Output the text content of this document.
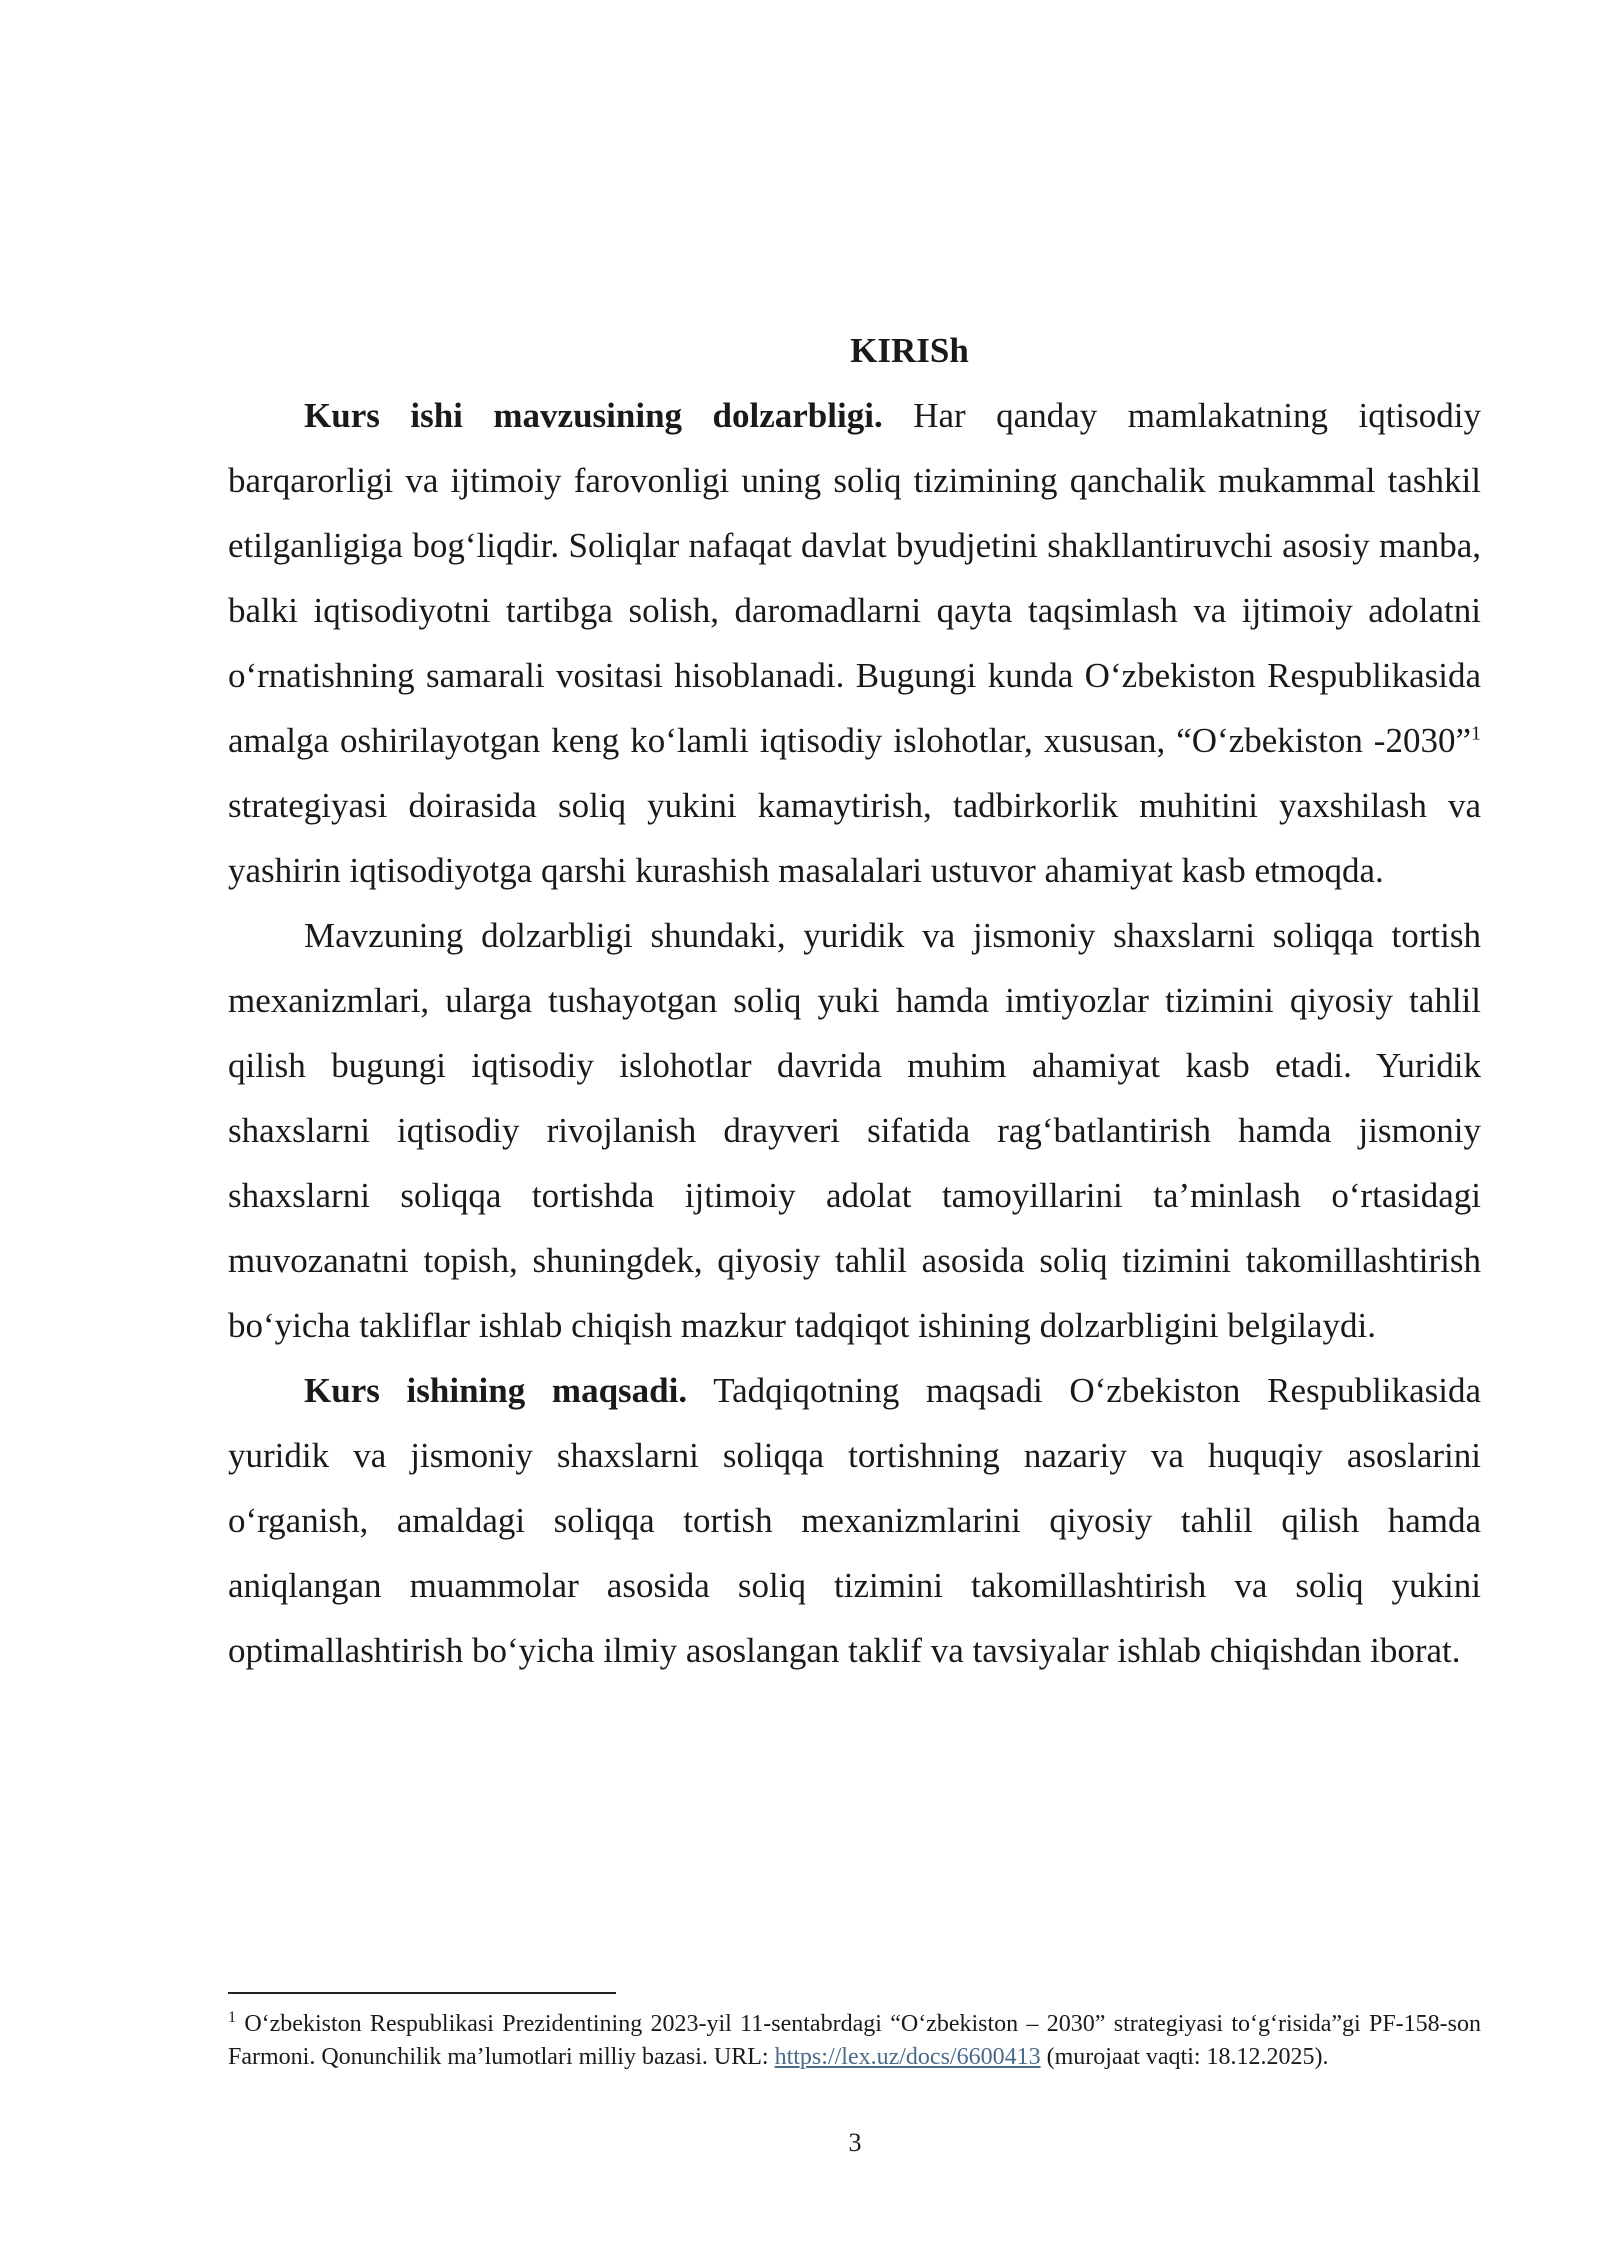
KIRISh

Kurs ishi mavzusining dolzarbligi. Har qanday mamlakatning iqtisodiy barqarorligi va ijtimoiy farovonligi uning soliq tizimining qanchalik mukammal tashkil etilganligiga bog‘liqdir. Soliqlar nafaqat davlat byudjetini shakllantiruvchi asosiy manba, balki iqtisodiyotni tartibga solish, daromadlarni qayta taqsimlash va ijtimoiy adolatni o‘rnatishning samarali vositasi hisoblanadi. Bugungi kunda O‘zbekiston Respublikasida amalga oshirilayotgan keng ko‘lamli iqtisodiy islohotlar, xususan, “O‘zbekiston -2030”$^1$ strategiyasi doirasida soliq yukini kamaytirish, tadbirkorlik muhitini yaxshilash va yashirin iqtisodiyotga qarshi kurashish masalalari ustuvor ahamiyat kasb etmoqda.

Mavzuning dolzarbligi shundaki, yuridik va jismoniy shaxslarni soliqqa tortish mexanizmlari, ularga tushayotgan soliq yuki hamda imtiyozlar tizimini qiyosiy tahlil qilish bugungi iqtisodiy islohotlar davrida muhim ahamiyat kasb etadi. Yuridik shaxslarni iqtisodiy rivojlanish drayveri sifatida rag‘batlantirish hamda jismoniy shaxslarni soliqqa tortishda ijtimoiy adolat tamoyillarini ta’minlash o‘rtasidagi muvozanatni topish, shuningdek, qiyosiy tahlil asosida soliq tizimini takomillashtirish bo‘yicha takliflar ishlab chiqish mazkur tadqiqot ishining dolzarbligini belgilaydi.

Kurs ishining maqsadi. Tadqiqotning maqsadi O‘zbekiston Respublikasida yuridik va jismoniy shaxslarni soliqqa tortishning nazariy va huquqiy asoslarini o‘rganish, amaldagi soliqqa tortish mexanizmlarini qiyosiy tahlil qilish hamda aniqlangan muammolar asosida soliq tizimini takomillashtirish va soliq yukini optimallashtirish bo‘yicha ilmiy asoslangan taklif va tavsiyalar ishlab chiqishdan iborat.

$^1$ O‘zbekiston Respublikasi Prezidentining 2023-yil 11-sentabrdagi “O‘zbekiston – 2030” strategiyasi to‘g‘risida”gi PF-158-son Farmoni. Qonunchilik ma’lumotlari milliy bazasi. URL: https://lex.uz/docs/6600413 (murojaat vaqti: 18.12.2025).

3
